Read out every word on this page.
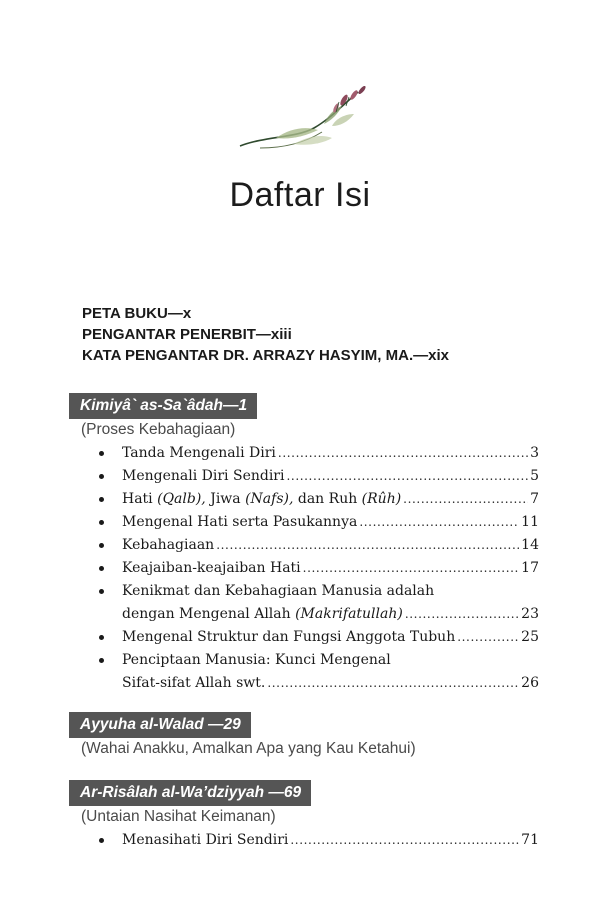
Daftar Isi
PETA BUKU—x
PENGANTAR PENERBIT—xiii
KATA PENGANTAR DR. ARRAZY HASYIM, MA.—xix
Kimiyâ` as-Sa`âdah—1
(Proses Kebahagiaan)
Tanda Mengenali Diri .....	3
Mengenali Diri Sendiri .....	5
Hati (Qalb), Jiwa (Nafs), dan Ruh (Rûh) .....	7
Mengenal Hati serta Pasukannya .....	11
Kebahagiaan .....	14
Keajaiban-keajaiban Hati .....	17
Kenikmat dan Kebahagiaan Manusia adalah
dengan Mengenal Allah (Makrifatullah) .....	23
Mengenal Struktur dan Fungsi Anggota Tubuh .....	25
Penciptaan Manusia: Kunci Mengenal
Sifat-sifat Allah swt. .....	26
Ayyuha al-Walad —29
(Wahai Anakku, Amalkan Apa yang Kau Ketahui)
Ar-Risâlah al-Wa’dziyyah —69
(Untaian Nasihat Keimanan)
Menasihati Diri Sendiri .....	71
